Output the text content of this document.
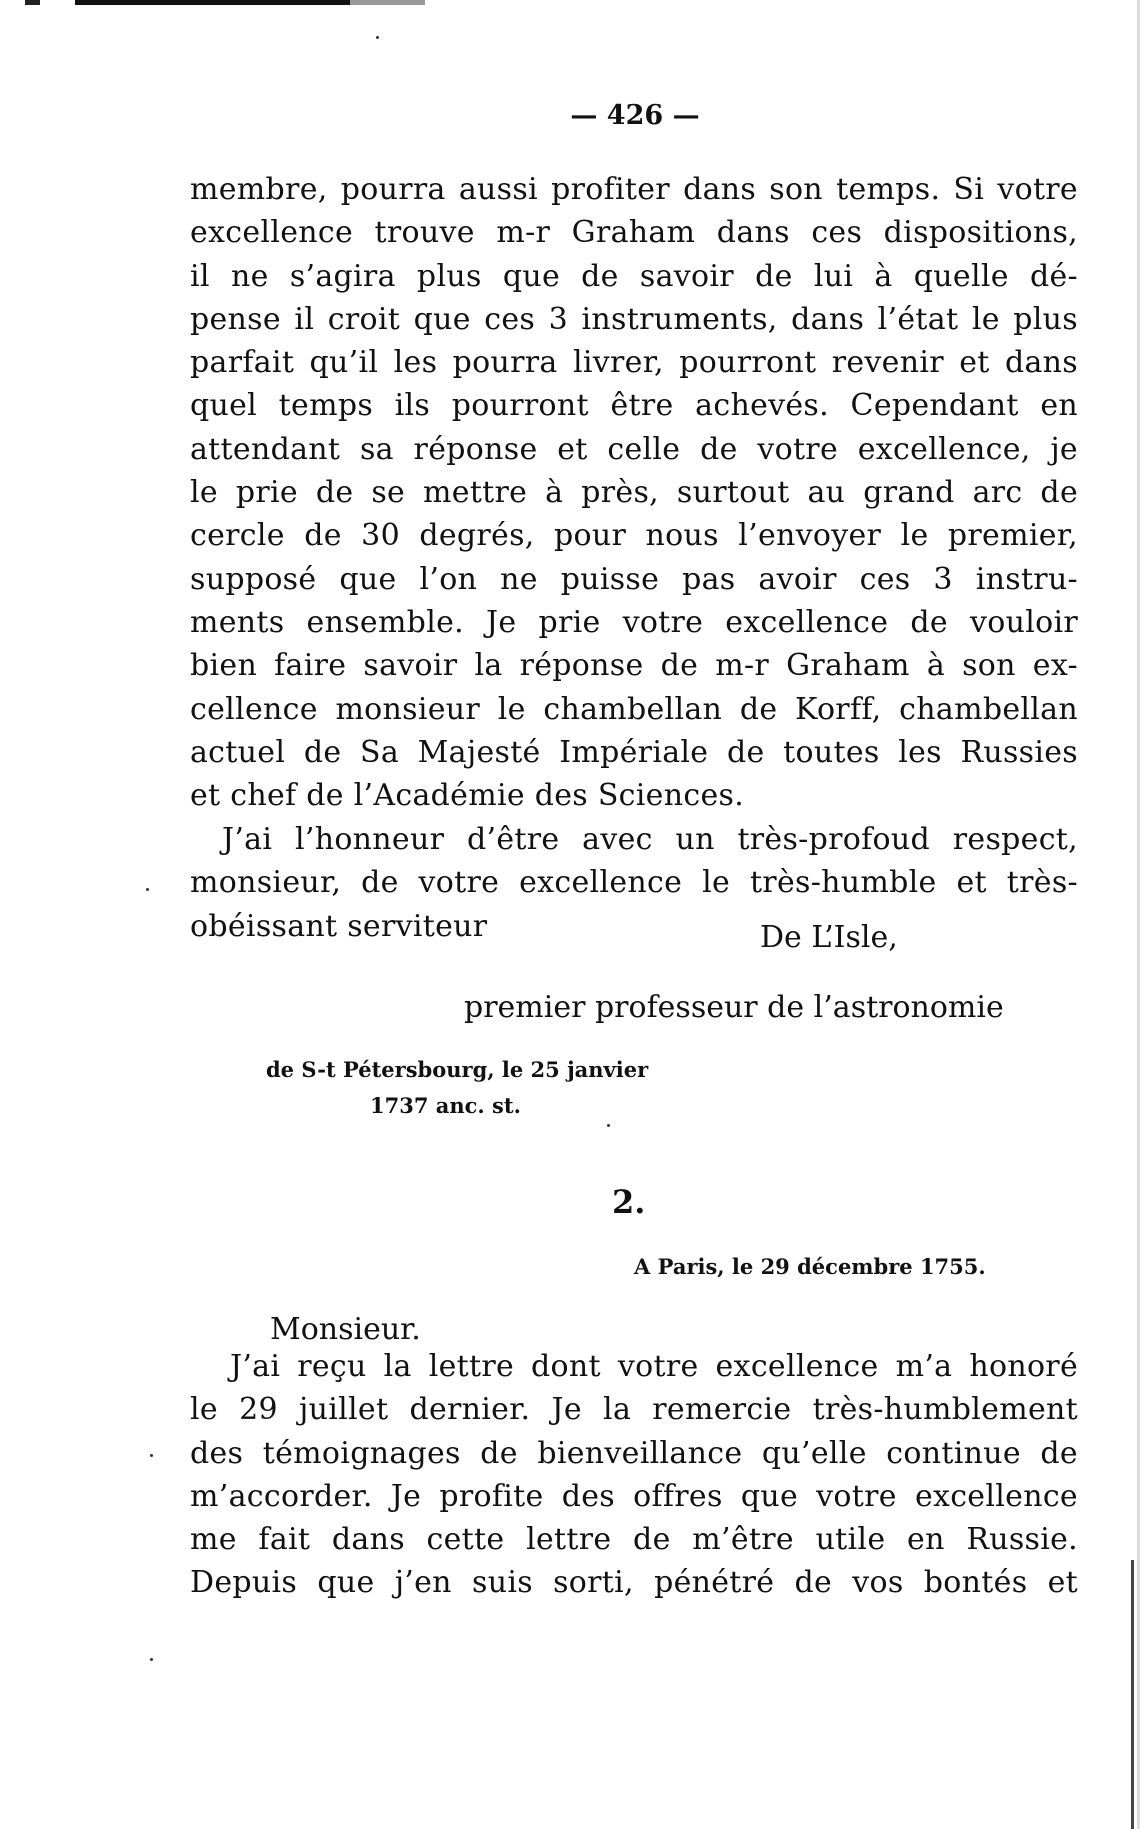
— 426 —
membre, pourra aussi profiter dans son temps. Si votre
excellence trouve m-r Graham dans ces dispositions,
il ne s’agira plus que de savoir de lui à quelle dé-
pense il croit que ces 3 instruments, dans l’état le plus
parfait qu’il les pourra livrer, pourront revenir et dans
quel temps ils pourront être achevés. Cependant en
attendant sa réponse et celle de votre excellence, je
le prie de se mettre à près, surtout au grand arc de
cercle de 30 degrés, pour nous l’envoyer le premier,
supposé que l’on ne puisse pas avoir ces 3 instru-
ments ensemble. Je prie votre excellence de vouloir
bien faire savoir la réponse de m-r Graham à son ex-
cellence monsieur le chambellan de Korff, chambellan
actuel de Sa Majesté Impériale de toutes les Russies
et chef de l’Académie des Sciences.
J’ai l’honneur d’être avec un très-profoud respect,
monsieur, de votre excellence le très-humble et très-
obéissant serviteur	De L’Isle,
premier professeur de l’astronomie
de S-t Pétersbourg, le 25 janvier
1737 anc. st.
2.
A Paris, le 29 décembre 1755.
Monsieur.
J’ai reçu la lettre dont votre excellence m’a honoré
le 29 juillet dernier. Je la remercie très-humblement
des témoignages de bienveillance qu’elle continue de
m’accorder. Je profite des offres que votre excellence
me fait dans cette lettre de m’être utile en Russie.
Depuis que j’en suis sorti, pénétré de vos bontés et
